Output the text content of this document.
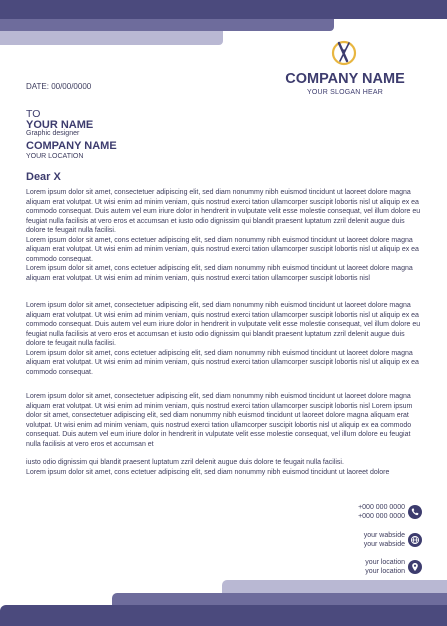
COMPANY NAME
YOUR SLOGAN HEAR
DATE: 00/00/0000
TO
YOUR NAME
Graphic designer
COMPANY NAME
YOUR LOCATION
Dear X

Lorem ipsum dolor sit amet, consectetuer adipiscing elit, sed diam nonummy nibh euismod tincidunt ut laoreet dolore magna aliquam erat volutpat. Ut wisi enim ad minim veniam, quis nostrud exerci tation ullamcorper suscipit lobortis nisl ut aliquip ex ea commodo consequat. Duis autem vel eum iriure dolor in hendrerit in vulputate velit esse molestie consequat, vel illum dolore eu feugiat nulla facilisis at vero eros et accumsan et iusto odio dignissim qui blandit praesent luptatum zzril delenit augue duis dolore te feugait nulla facilisi.

Lorem ipsum dolor sit amet, cons ectetuer adipiscing elit, sed diam nonummy nibh euismod tincidunt ut laoreet dolore magna aliquam erat volutpat. Ut wisi enim ad minim veniam, quis nostrud exerci tation ullamcorper suscipit lobortis nisl ut aliquip ex ea commodo consequat.

Lorem ipsum dolor sit amet, cons ectetuer adipiscing elit, sed diam nonummy nibh euismod tincidunt ut laoreet dolore magna aliquam erat volutpat. Ut wisi enim ad minim veniam, quis nostrud exerci tation ullamcorper suscipit lobortis nisl

Lorem ipsum dolor sit amet, consectetuer adipiscing elit, sed diam nonummy nibh euismod tincidunt ut laoreet dolore magna aliquam erat volutpat. Ut wisi enim ad minim veniam, quis nostrud exerci tation ullamcorper suscipit lobortis nisl ut aliquip ex ea commodo consequat. Duis autem vel eum iriure dolor in hendrerit in vulputate velit esse molestie consequat, vel illum dolore eu feugiat nulla facilisis at vero eros et accumsan et iusto odio dignissim qui blandit praesent luptatum zzril delenit augue duis dolore te feugait nulla facilisi.

Lorem ipsum dolor sit amet, cons ectetuer adipiscing elit, sed diam nonummy nibh euismod tincidunt ut laoreet dolore magna aliquam erat volutpat. Ut wisi enim ad minim veniam, quis nostrud exerci tation ullamcorper suscipit lobortis nisl ut aliquip ex ea commodo consequat.

Lorem ipsum dolor sit amet, consectetuer adipiscing elit, sed diam nonummy nibh euismod tincidunt ut laoreet dolore magna aliquam erat volutpat. Ut wisi enim ad minim veniam, quis nostrud exerci tation ullamcorper suscipit lobortis nisl Lorem ipsum dolor sit amet, consectetuer adipiscing elit, sed diam nonummy nibh euismod tincidunt ut laoreet dolore magna aliquam erat volutpat. Ut wisi enim ad minim veniam, quis nostrud exerci tation ullamcorper suscipit lobortis nisl ut aliquip ex ea commodo consequat. Duis autem vel eum iriure dolor in hendrerit in vulputate velit esse molestie consequat, vel illum dolore eu feugiat nulla facilisis at vero eros et accumsan et

iusto odio dignissim qui blandit praesent luptatum zzril delenit augue duis dolore te feugait nulla facilisi.

Lorem ipsum dolor sit amet, cons ectetuer adipiscing elit, sed diam nonummy nibh euismod tincidunt ut laoreet dolore

+000 000 0000
+000 000 0000
your wabside
your wabside
your location
your location
